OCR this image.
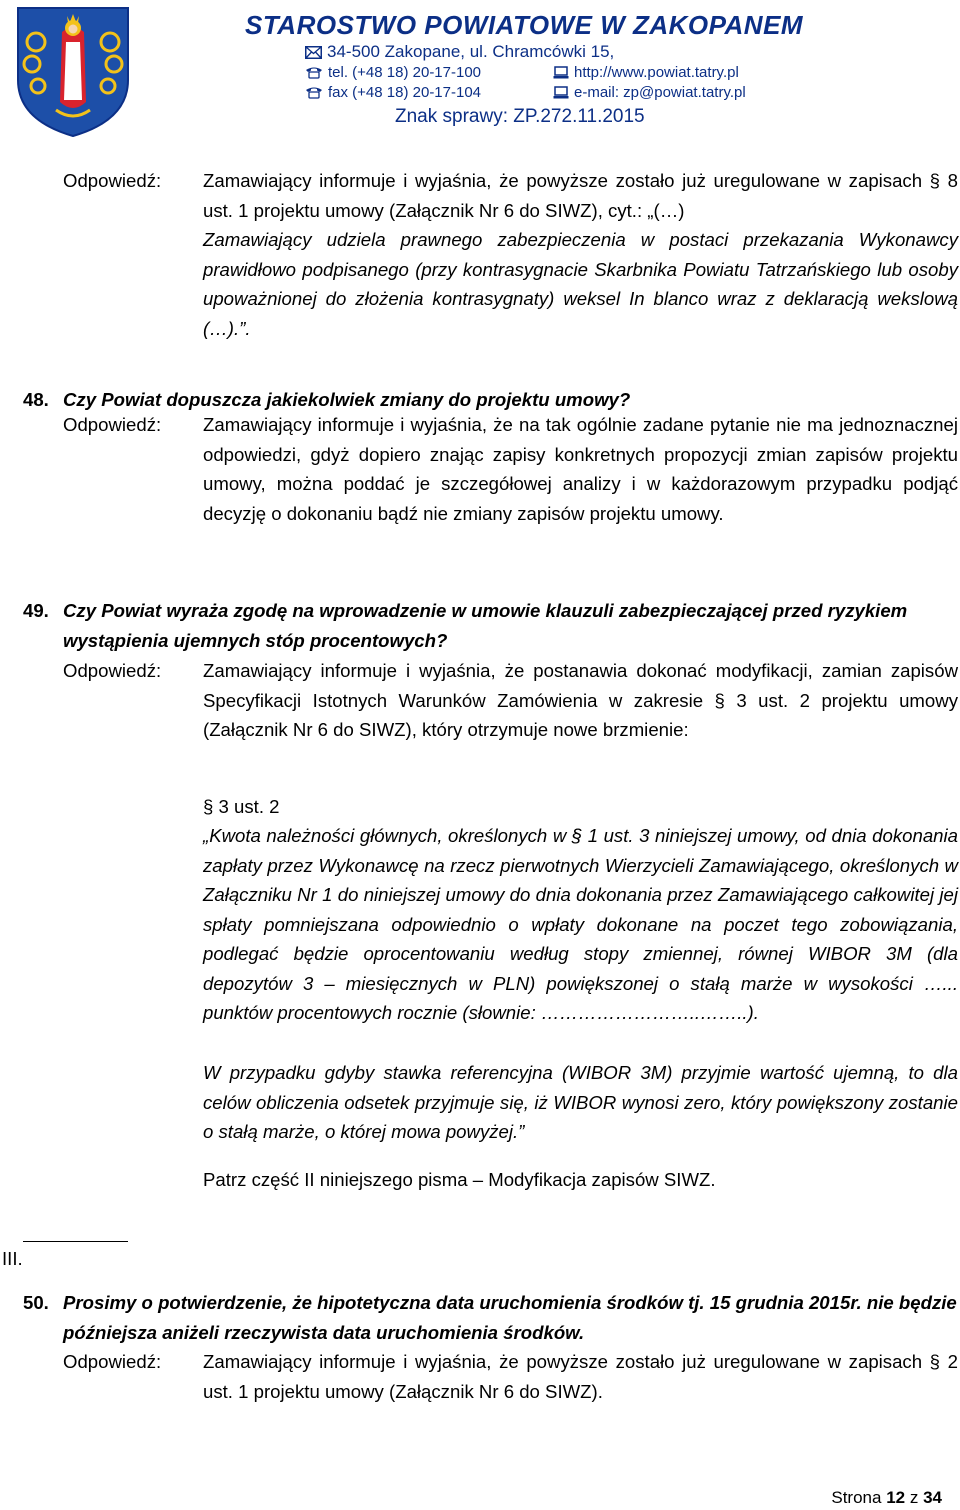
STAROSTWO POWIATOWE W ZAKOPANEM
34-500 Zakopane, ul. Chramcówki 15,
tel. (+48 18) 20-17-100
fax (+48 18) 20-17-104
http://www.powiat.tatry.pl
e-mail: zp@powiat.tatry.pl
Znak sprawy: ZP.272.11.2015
Odpowiedź: Zamawiający informuje i wyjaśnia, że powyższe zostało już uregulowane w zapisach § 8 ust. 1 projektu umowy (Załącznik Nr 6 do SIWZ), cyt.: „(…)

Zamawiający udziela prawnego zabezpieczenia w postaci przekazania Wykonawcy prawidłowo podpisanego (przy kontrasygnacie Skarbnika Powiatu Tatrzańskiego lub osoby upoważnionej do złożenia kontrasygnaty) weksel In blanco wraz z deklaracją wekslową (…).”.

48. Czy Powiat dopuszcza jakiekolwiek zmiany do projektu umowy?
Odpowiedź: Zamawiający informuje i wyjaśnia, że na tak ogólnie zadane pytanie nie ma jednoznacznej odpowiedzi, gdyż dopiero znając zapisy konkretnych propozycji zmian zapisów projektu umowy, można poddać je szczegółowej analizy i w każdorazowym przypadku podjąć decyzję o dokonaniu bądź nie zmiany zapisów projektu umowy.
49. Czy Powiat wyraża zgodę na wprowadzenie w umowie klauzuli zabezpieczającej przed ryzykiem wystąpienia ujemnych stóp procentowych?
Odpowiedź: Zamawiający informuje i wyjaśnia, że postanawia dokonać modyfikacji, zamian zapisów Specyfikacji Istotnych Warunków Zamówienia w zakresie § 3 ust. 2 projektu umowy (Załącznik Nr 6 do SIWZ), który otrzymuje nowe brzmienie:
§ 3 ust. 2
„Kwota należności głównych, określonych w § 1 ust. 3 niniejszej umowy, od dnia dokonania zapłaty przez Wykonawcę na rzecz pierwotnych Wierzycieli Zamawiającego, określonych w Załączniku Nr 1 do niniejszej umowy do dnia dokonania przez Zamawiającego całkowitej jej spłaty pomniejszana odpowiednio o wpłaty dokonane na poczet tego zobowiązania, podlegać będzie oprocentowaniu według stopy zmiennej, równej WIBOR 3M (dla depozytów 3 – miesięcznych w PLN) powiększonej o stałą marże w wysokości …... punktów procentowych rocznie (słownie: ……………………..……..).
W przypadku gdyby stawka referencyjna (WIBOR 3M) przyjmie wartość ujemną, to dla celów obliczenia odsetek przyjmuje się, iż WIBOR wynosi zero, który powiększony zostanie o stałą marże, o której mowa powyżej.”
Patrz część II niniejszego pisma – Modyfikacja zapisów SIWZ.
III.
50. Prosimy o potwierdzenie, że hipotetyczna data uruchomienia środków tj. 15 grudnia 2015r. nie będzie późniejsza aniżeli rzeczywista data uruchomienia środków.
Odpowiedź: Zamawiający informuje i wyjaśnia, że powyższe zostało już uregulowane w zapisach § 2 ust. 1 projektu umowy (Załącznik Nr 6 do SIWZ).
Strona 12 z 34
